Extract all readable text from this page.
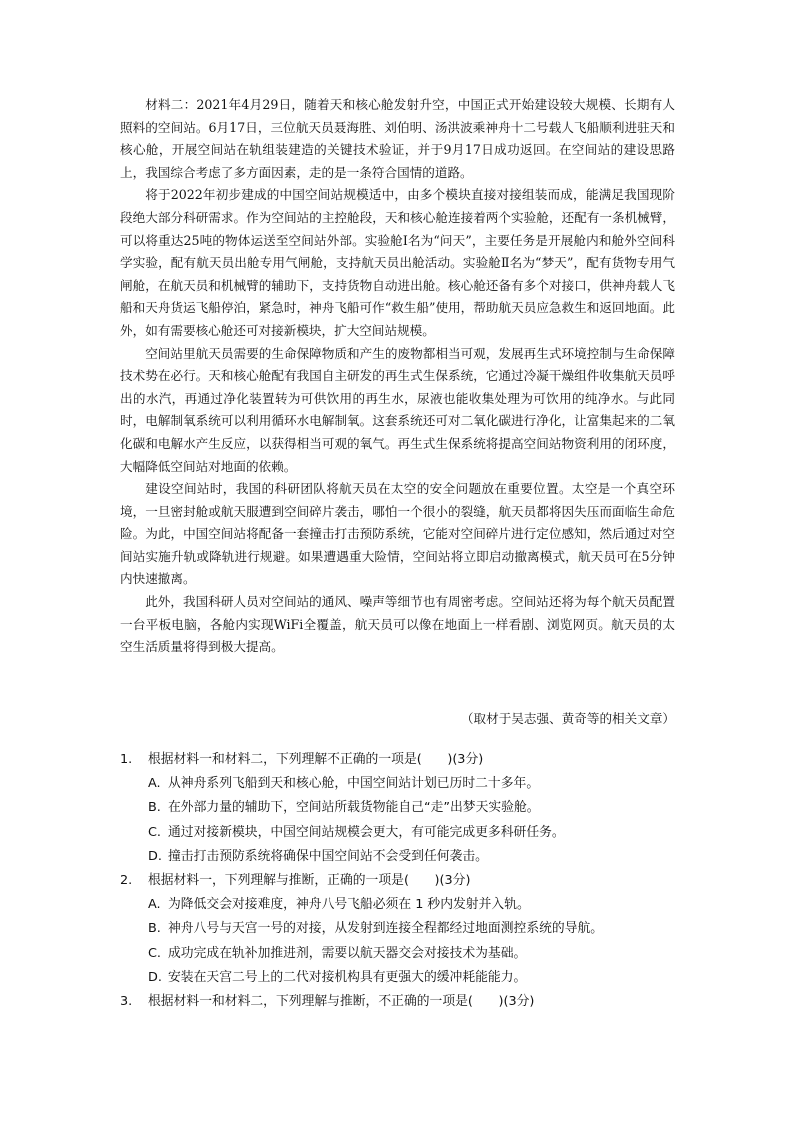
材料二：2021年4月29日，随着天和核心舱发射升空，中国正式开始建设较大规模、长期有人照料的空间站。6月17日，三位航天员聂海胜、刘伯明、汤洪波乘神舟十二号载人飞船顺利进驻天和核心舱，开展空间站在轨组装建造的关键技术验证，并于9月17日成功返回。在空间站的建设思路上，我国综合考虑了多方面因素，走的是一条符合国情的道路。

将于2022年初步建成的中国空间站规模适中，由多个模块直接对接组装而成，能满足我国现阶段绝大部分科研需求。作为空间站的主控舱段，天和核心舱连接着两个实验舱，还配有一条机械臂，可以将重达25吨的物体运送至空间站外部。实验舱Ⅰ名为“问天”，主要任务是开展舱内和舱外空间科学实验，配有航天员出舱专用气闸舱，支持航天员出舱活动。实验舱Ⅱ名为“梦天”，配有货物专用气闸舱，在航天员和机械臂的辅助下，支持货物自动进出舱。核心舱还备有多个对接口，供神舟载人飞船和天舟货运飞船停泊，紧急时，神舟飞船可作“救生船”使用，帮助航天员应急救生和返回地面。此外，如有需要核心舱还可对接新模块，扩大空间站规模。

空间站里航天员需要的生命保障物质和产生的废物都相当可观，发展再生式环境控制与生命保障技术势在必行。天和核心舱配有我国自主研发的再生式生保系统，它通过冷凝干燥组件收集航天员呼出的水汽，再通过净化装置转为可供饮用的再生水，尿液也能收集处理为可饮用的纯净水。与此同时，电解制氧系统可以利用循环水电解制氧。这套系统还可对二氧化碳进行净化，让富集起来的二氧化碳和电解水产生反应，以获得相当可观的氧气。再生式生保系统将提高空间站物资利用的闭环度，大幅降低空间站对地面的依赖。

建设空间站时，我国的科研团队将航天员在太空的安全问题放在重要位置。太空是一个真空环境，一旦密封舱或航天服遭到空间碎片袭击，哪怕一个很小的裂缝，航天员都将因失压而面临生命危险。为此，中国空间站将配备一套撞击打击预防系统，它能对空间碎片进行定位感知，然后通过对空间站实施升轨或降轨进行规避。如果遭遇重大险情，空间站将立即启动撤离模式，航天员可在5分钟内快速撤离。

此外，我国科研人员对空间站的通风、噪声等细节也有周密考虑。空间站还将为每个航天员配置一台平板电脑，各舱内实现WiFi全覆盖，航天员可以像在地面上一样看剧、浏览网页。航天员的太空生活质量将得到极大提高。

（取材于吴志强、黄奇等的相关文章）
1. 根据材料一和材料二，下列理解不正确的一项是(　　)(3分)
A. 从神舟系列飞船到天和核心舱，中国空间站计划已历时二十多年。
B. 在外部力量的辅助下，空间站所载货物能自己“走”出梦天实验舱。
C. 通过对接新模块，中国空间站规模会更大，有可能完成更多科研任务。
D. 撞击打击预防系统将确保中国空间站不会受到任何袭击。
2. 根据材料一，下列理解与推断，正确的一项是(　　)(3分)
A. 为降低交会对接难度，神舟八号飞船必须在 1 秒内发射并入轨。
B. 神舟八号与天宫一号的对接，从发射到连接全程都经过地面测控系统的导航。
C. 成功完成在轨补加推进剂，需要以航天器交会对接技术为基础。
D. 安装在天宫二号上的二代对接机构具有更强大的缓冲耗能能力。
3. 根据材料一和材料二，下列理解与推断，不正确的一项是(　　)(3分)
